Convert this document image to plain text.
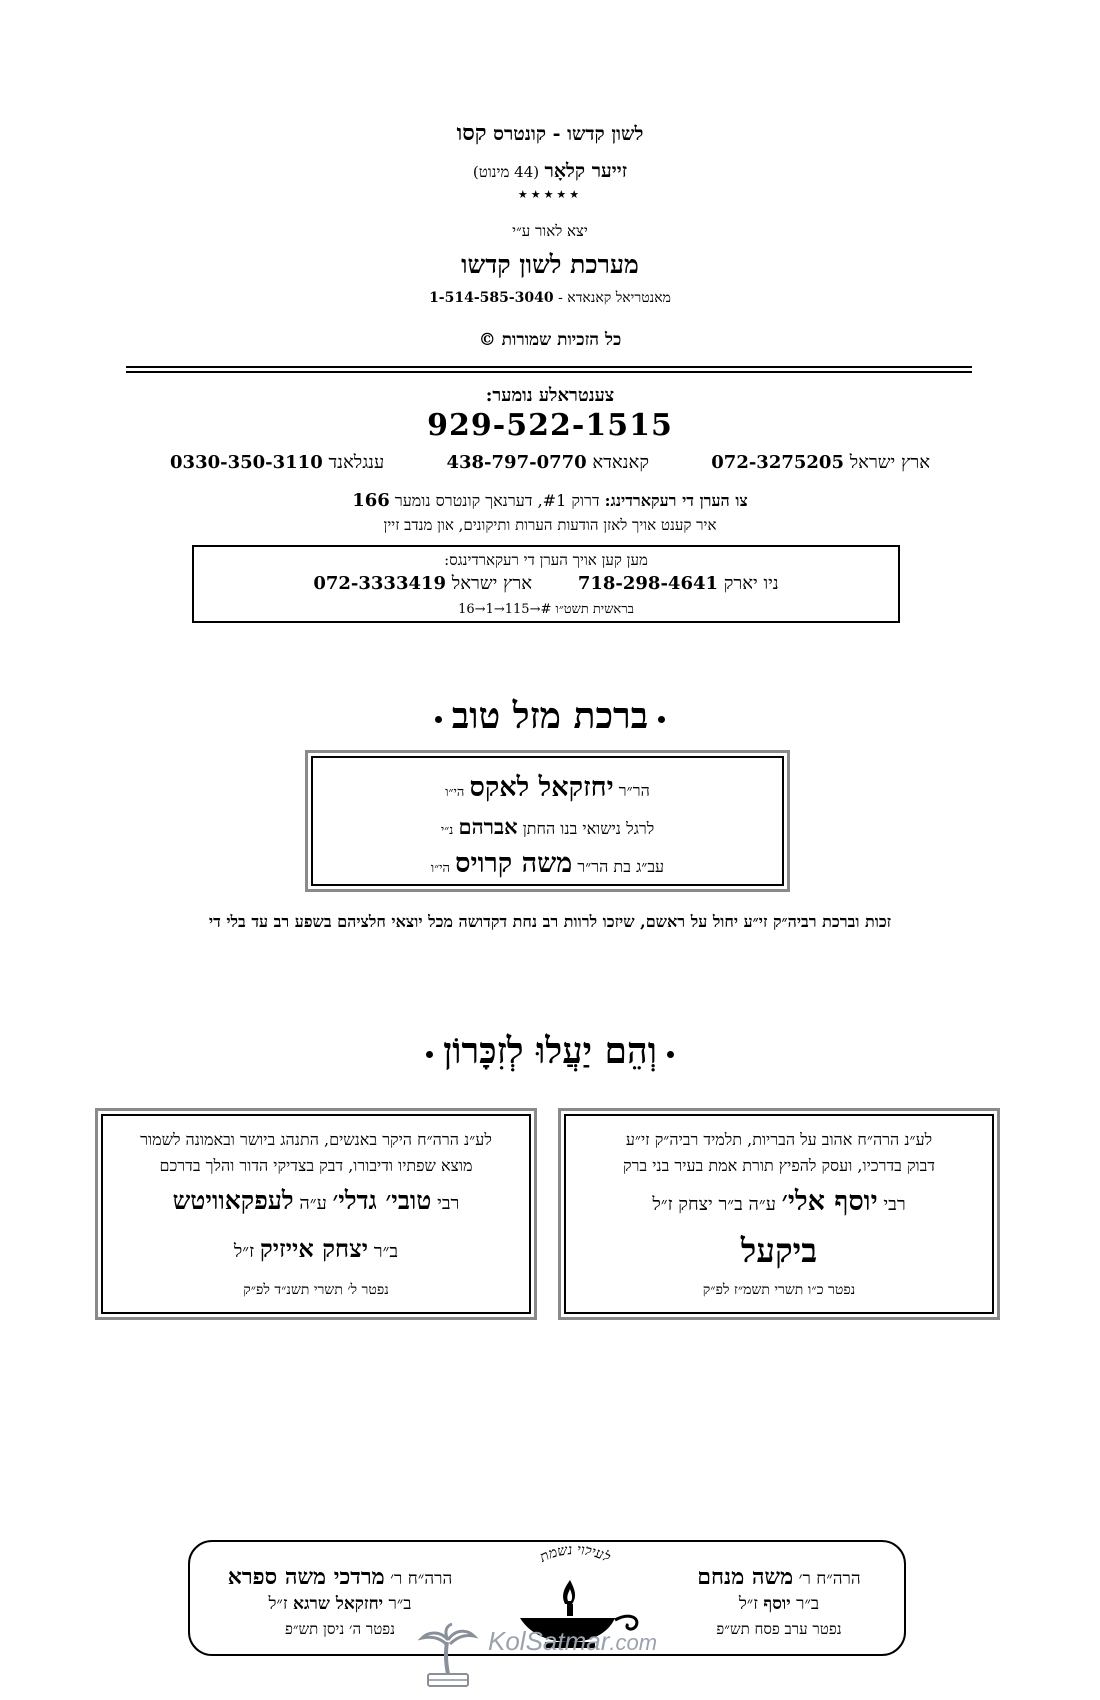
לשון קדשו - קונטרס קסו
זייער קלאָר (44 מינוט)
★★★★★
יצא לאור ע״י
מערכת לשון קדשו
מאנטריאל קאנאדא - 1-514-585-3040
כל הזכיות שמורות ©
צענטראלע נומער:
929-522-1515
ארץ ישראל 072-3275205
קאנאדא 438-797-0770
ענגלאנד 0330-350-3110
צו הערן די רעקארדינג: דרוק #1, דערנאך קונטרס נומער 166
איר קענט אויך לאזן הודעות הערות ותיקונים, און מנדב זיין
מען קען אויך הערן די רעקארדינגס:
ניו יארק 718-298-4641        ארץ ישראל 072-3333419
בראשית תשט״ו #→115→1→16
ברכת מזל טוב
הר״ר יחזקאל לאקס הי״ו
לרגל נישואי בנו החתן אברהם נ״י
עב״ג בת הר״ר משה קרויס הי״ו
זכות וברכת רביה״ק זי״ע יחול על ראשם, שיזכו לרוות רב נחת דקדושה מכל יוצאי חלציהם בשפע רב עד בלי די
וְהֵם יַעֲלוּ לְזִכָּרוֹן
לע״נ הרה״ח אהוב על הבריות, תלמיד רביה״ק זי״ע
דבוק בדרכיו, ועסק להפיץ תורת אמת בעיר בני ברק
רבי יוסף אלי׳ ע״ה ב״ר יצחק ז״ל
ביקעל
נפטר כ״ו תשרי תשמ״ז לפ״ק
לע״נ הרה״ח היקר באנשים, התנהג ביושר ובאמונה לשמור
מוצא שפתיו ודיבורו, דבק בצדיקי הדור והלך בדרכם
רבי טובי׳ גדלי׳ ע״ה לעפקאוויטש
ב״ר יצחק אייזיק ז״ל
נפטר ל׳ תשרי תשנ״ד לפ״ק
הרה״ח ר׳ משה מנחם
ב״ר יוסף ז״ל
נפטר ערב פסח תש״פ
הרה״ח ר׳ מרדכי משה ספרא
ב״ר יחזקאל שרגא ז״ל
נפטר ה׳ ניסן תש״פ
לעילוי נשמת
KolSatmar.com
